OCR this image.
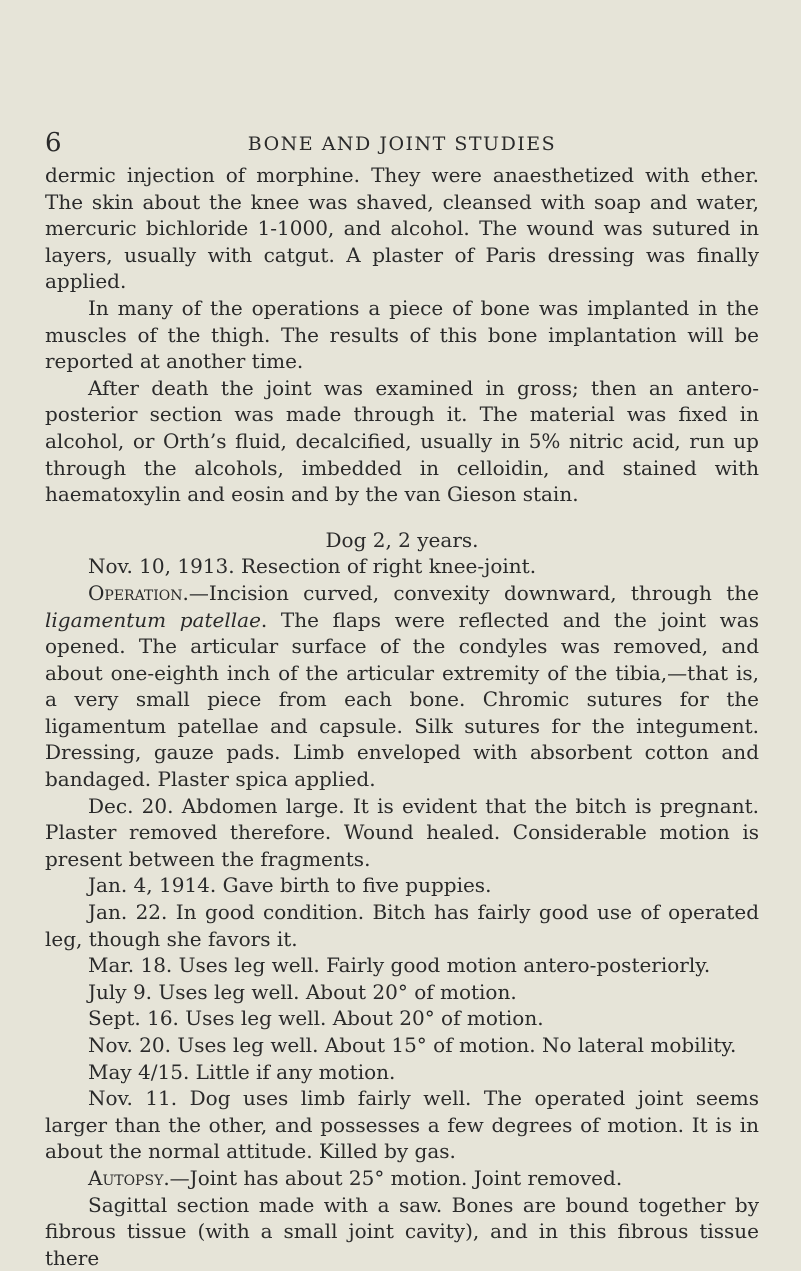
6	BONE AND JOINT STUDIES

dermic injection of morphine. They were anaesthetized with ether. The skin about the knee was shaved, cleansed with soap and water, mercuric bichloride 1-1000, and alcohol. The wound was sutured in layers, usually with catgut. A plaster of Paris dressing was finally applied.

In many of the operations a piece of bone was implanted in the muscles of the thigh. The results of this bone implantation will be reported at another time.

After death the joint was examined in gross; then an antero-posterior section was made through it. The material was fixed in alcohol, or Orth’s fluid, decalcified, usually in 5% nitric acid, run up through the alcohols, imbedded in celloidin, and stained with haematoxylin and eosin and by the van Gieson stain.

Dog 2, 2 years.

Nov. 10, 1913. Resection of right knee-joint.

Operation.—Incision curved, convexity downward, through the ligamentum patellae. The flaps were reflected and the joint was opened. The articular surface of the condyles was removed, and about one-eighth inch of the articular extremity of the tibia,—that is, a very small piece from each bone. Chromic sutures for the ligamentum patellae and capsule. Silk sutures for the integument. Dressing, gauze pads. Limb enveloped with absorbent cotton and bandaged. Plaster spica applied.

Dec. 20. Abdomen large. It is evident that the bitch is pregnant. Plaster removed therefore. Wound healed. Considerable motion is present between the fragments.

Jan. 4, 1914. Gave birth to five puppies.

Jan. 22. In good condition. Bitch has fairly good use of operated leg, though she favors it.

Mar. 18. Uses leg well. Fairly good motion antero-posteriorly.

July 9. Uses leg well. About 20° of motion.

Sept. 16. Uses leg well. About 20° of motion.

Nov. 20. Uses leg well. About 15° of motion. No lateral mobility.

May 4/15. Little if any motion.

Nov. 11. Dog uses limb fairly well. The operated joint seems larger than the other, and possesses a few degrees of motion. It is in about the normal attitude. Killed by gas.

Autopsy.—Joint has about 25° motion. Joint removed.

Sagittal section made with a saw. Bones are bound together by fibrous tissue (with a small joint cavity), and in this fibrous tissue there
